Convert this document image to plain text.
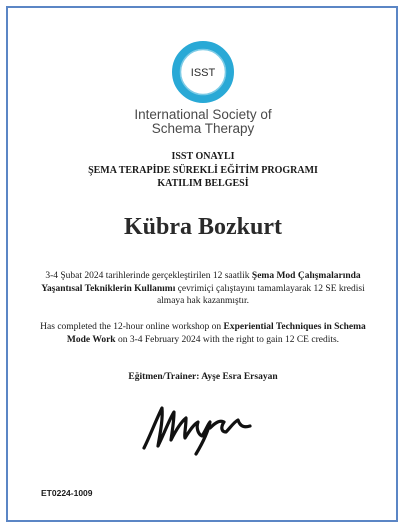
ISST
International Society of
Schema Therapy
ISST ONAYLI
ŞEMA TERAPİDE SÜREKLİ EĞİTİM PROGRAMI
KATILIM BELGESİ
Kübra Bozkurt
3-4 Şubat 2024 tarihlerinde gerçekleştirilen 12 saatlik Şema Mod Çalışmalarında Yaşantısal Tekniklerin Kullanımı çevrimiçi çalıştayını tamamlayarak 12 SE kredisi almaya hak kazanmıştır.
Has completed the 12-hour online workshop on Experiential Techniques in Schema Mode Work on 3-4 February 2024 with the right to gain 12 CE credits.
Eğitmen/Trainer: Ayşe Esra Ersayan
ET0224-1009
